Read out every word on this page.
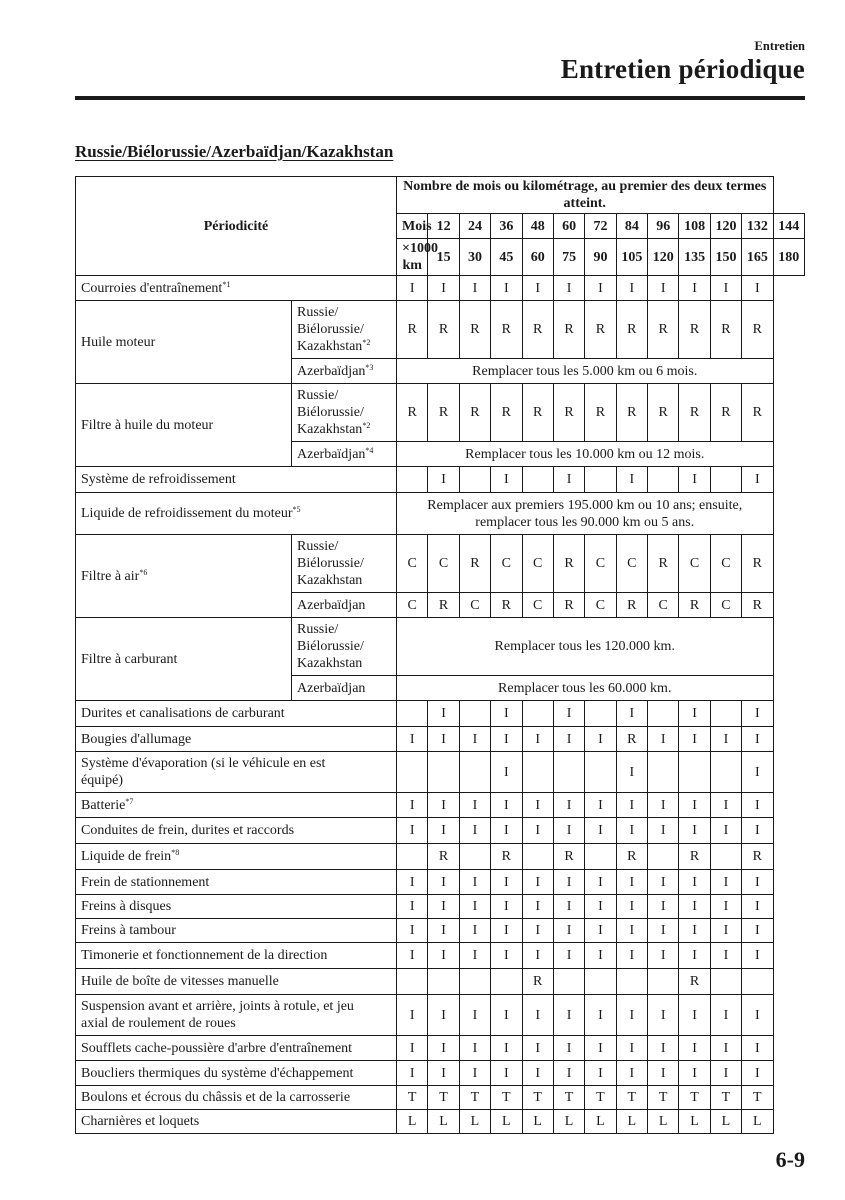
Entretien
Entretien périodique
Russie/Biélorussie/Azerbaïdjan/Kazakhstan
Périodicité		Nombre de mois ou kilométrage, au premier des deux termes atteint.												
		Mois	12	24	36	48	60	72	84	96	108	120	132	144
		×1000 km	15	30	45	60	75	90	105	120	135	150	165	180
Courroies d'entraînement$^{*1}$		I	I	I	I	I	I	I	I	I	I	I	I	
Huile moteur	Russie/
Biélorussie/
Kazakhstan$^{*2}$	R	R	R	R	R	R	R	R	R	R	R	R	
	Azerbaïdjan$^{*3}$	Remplacer tous les 5.000 km ou 6 mois.												
Filtre à huile du moteur	Russie/
Biélorussie/
Kazakhstan$^{*2}$	R	R	R	R	R	R	R	R	R	R	R	R	
	Azerbaïdjan$^{*4}$	Remplacer tous les 10.000 km ou 12 mois.												
Système de refroidissement			I		I		I		I		I		I	
Liquide de refroidissement du moteur$^{*5}$		Remplacer aux premiers 195.000 km ou 10 ans; ensuite,
remplacer tous les 90.000 km ou 5 ans.												
Filtre à air$^{*6}$	Russie/
Biélorussie/
Kazakhstan	C	C	R	C	C	R	C	C	R	C	C	R	
	Azerbaïdjan	C	R	C	R	C	R	C	R	C	R	C	R	
Filtre à carburant	Russie/
Biélorussie/
Kazakhstan	Remplacer tous les 120.000 km.												
	Azerbaïdjan	Remplacer tous les 60.000 km.												
Durites et canalisations de carburant			I		I		I		I		I		I	
Bougies d'allumage		I	I	I	I	I	I	I	R	I	I	I	I	
Système d'évaporation (si le véhicule en est
équipé)					I				I				I	
Batterie$^{*7}$		I	I	I	I	I	I	I	I	I	I	I	I	
Conduites de frein, durites et raccords		I	I	I	I	I	I	I	I	I	I	I	I	
Liquide de frein$^{*8}$			R		R		R		R		R		R	
Frein de stationnement		I	I	I	I	I	I	I	I	I	I	I	I	
Freins à disques		I	I	I	I	I	I	I	I	I	I	I	I	
Freins à tambour		I	I	I	I	I	I	I	I	I	I	I	I	
Timonerie et fonctionnement de la direction		I	I	I	I	I	I	I	I	I	I	I	I	
Huile de boîte de vitesses manuelle						R					R			
Suspension avant et arrière, joints à rotule, et jeu
axial de roulement de roues		I	I	I	I	I	I	I	I	I	I	I	I	
Soufflets cache-poussière d'arbre d'entraînement		I	I	I	I	I	I	I	I	I	I	I	I	
Boucliers thermiques du système d'échappement		I	I	I	I	I	I	I	I	I	I	I	I	
Boulons et écrous du châssis et de la carrosserie		T	T	T	T	T	T	T	T	T	T	T	T	
Charnières et loquets		L	L	L	L	L	L	L	L	L	L	L	L	
6-9
